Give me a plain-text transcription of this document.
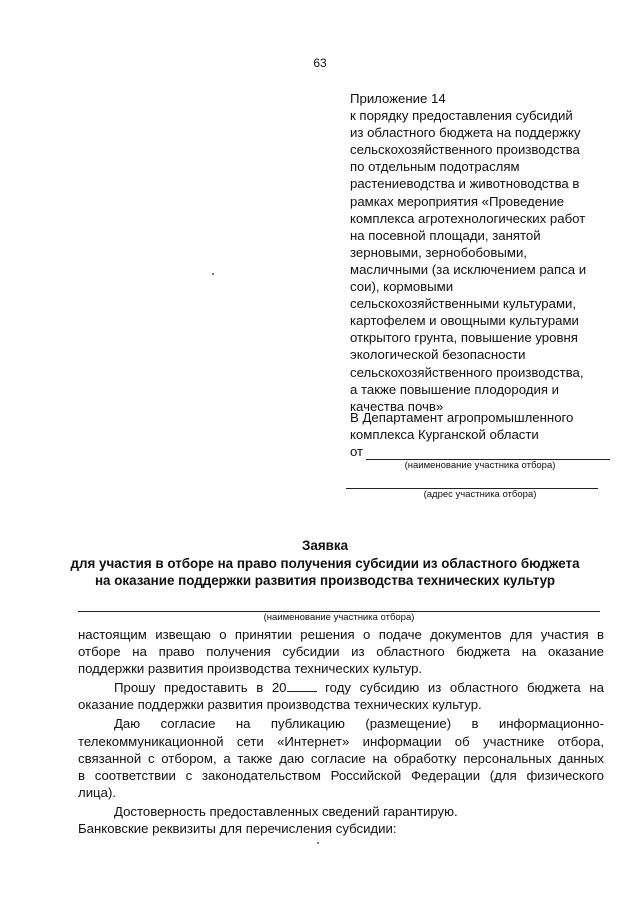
63
Приложение 14
к порядку предоставления субсидий
из областного бюджета на поддержку
сельскохозяйственного производства
по отдельным подотраслям
растениеводства и животноводства в
рамках мероприятия «Проведение
комплекса агротехнологических работ
на посевной площади, занятой
зерновыми, зернобобовыми,
масличными (за исключением рапса и
сои), кормовыми
сельскохозяйственными культурами,
картофелем и овощными культурами
открытого грунта, повышение уровня
экологической безопасности
сельскохозяйственного производства,
а также повышение плодородия и
качества почв»
В Департамент агропромышленного
комплекса Курганской области
от
(наименование участника отбора)
(адрес участника отбора)
Заявка
для участия в отборе на право получения субсидии из областного бюджета
на оказание поддержки развития производства технических культур
(наименование участника отбора)
настоящим извещаю о принятии решения о подаче документов для участия в
отборе на право получения субсидии из областного бюджета на оказание
поддержки развития производства технических культур.
Прошу предоставить в 20 году субсидию из областного бюджета на
оказание поддержки развития производства технических культур.
Даю согласие на публикацию (размещение) в информационно-
телекоммуникационной сети «Интернет» информации об участнике отбора,
связанной с отбором, а также даю согласие на обработку персональных данных
в соответствии с законодательством Российской Федерации (для физического
лица).
Достоверность предоставленных сведений гарантирую.
Банковские реквизиты для перечисления субсидии:
